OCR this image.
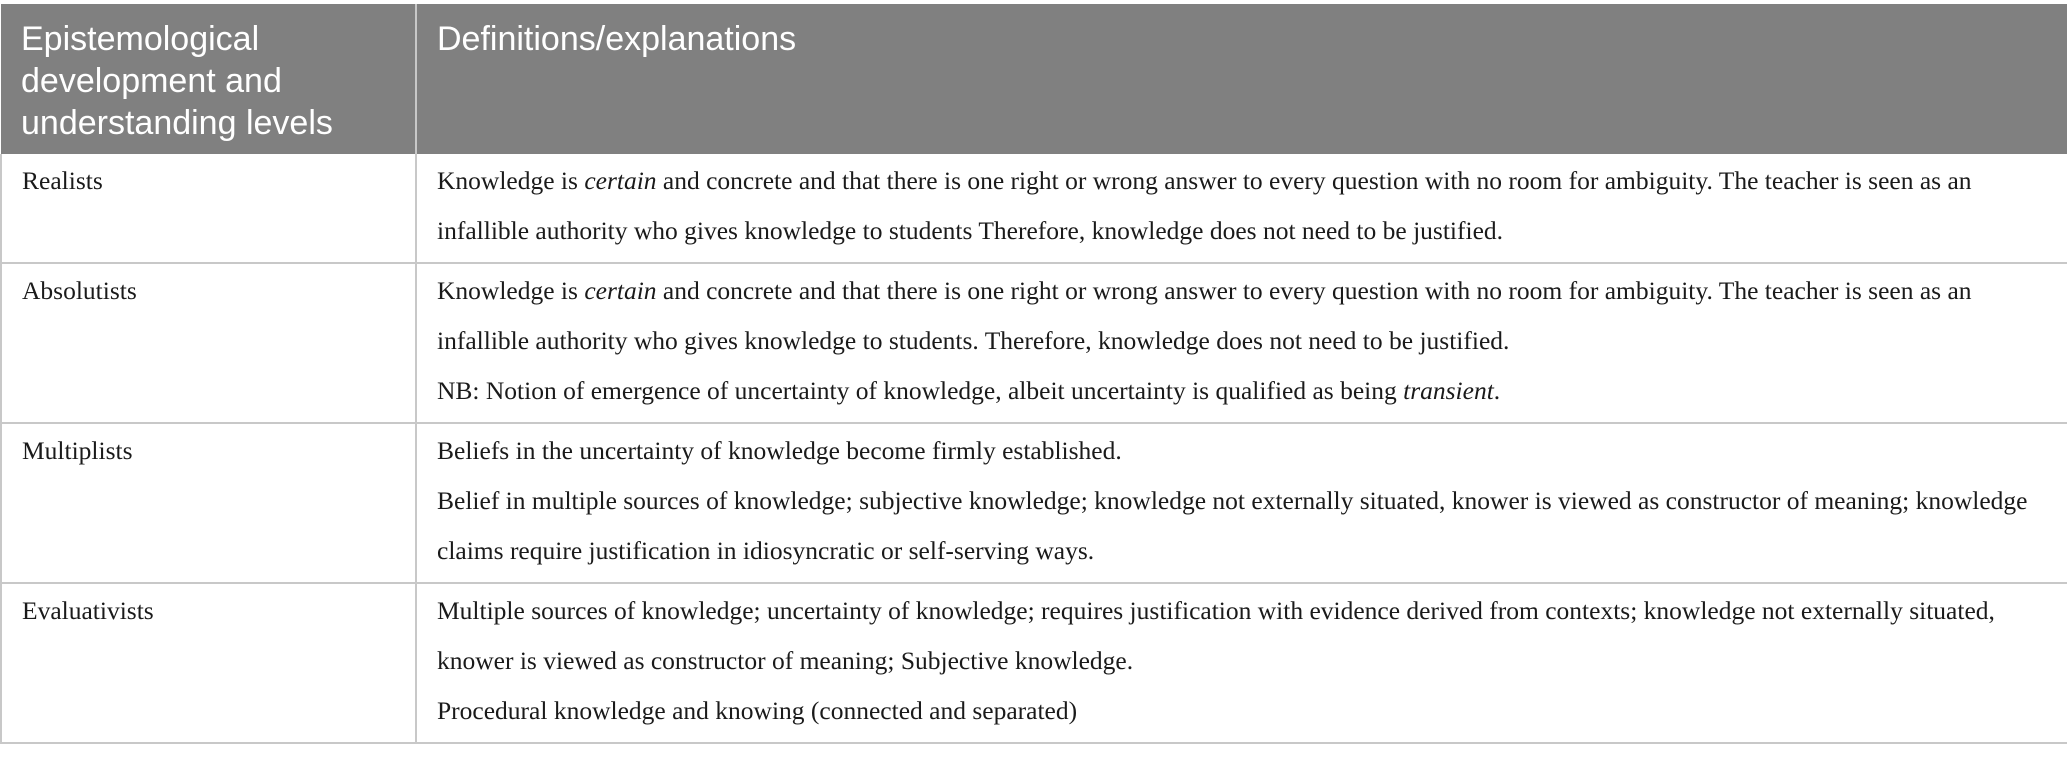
Epistemological development and understanding levels	Definitions/explanations
Realists	Knowledge is certain and concrete and that there is one right or wrong answer to every question with no room for ambiguity. The teacher is seen as an infallible authority who gives knowledge to students Therefore, knowledge does not need to be justified.

Absolutists	Knowledge is certain and concrete and that there is one right or wrong answer to every question with no room for ambiguity. The teacher is seen as an infallible authority who gives knowledge to students. Therefore, knowledge does not need to be justified.
NB: Notion of emergence of uncertainty of knowledge, albeit uncertainty is qualified as being transient.

Multiplists	Beliefs in the uncertainty of knowledge become firmly established.
Belief in multiple sources of knowledge; subjective knowledge; knowledge not externally situated, knower is viewed as constructor of meaning; knowledge claims require justification in idiosyncratic or self-serving ways.

Evaluativists	Multiple sources of knowledge; uncertainty of knowledge; requires justification with evidence derived from contexts; knowledge not externally situated, knower is viewed as constructor of meaning; Subjective knowledge.
Procedural knowledge and knowing (connected and separated)
